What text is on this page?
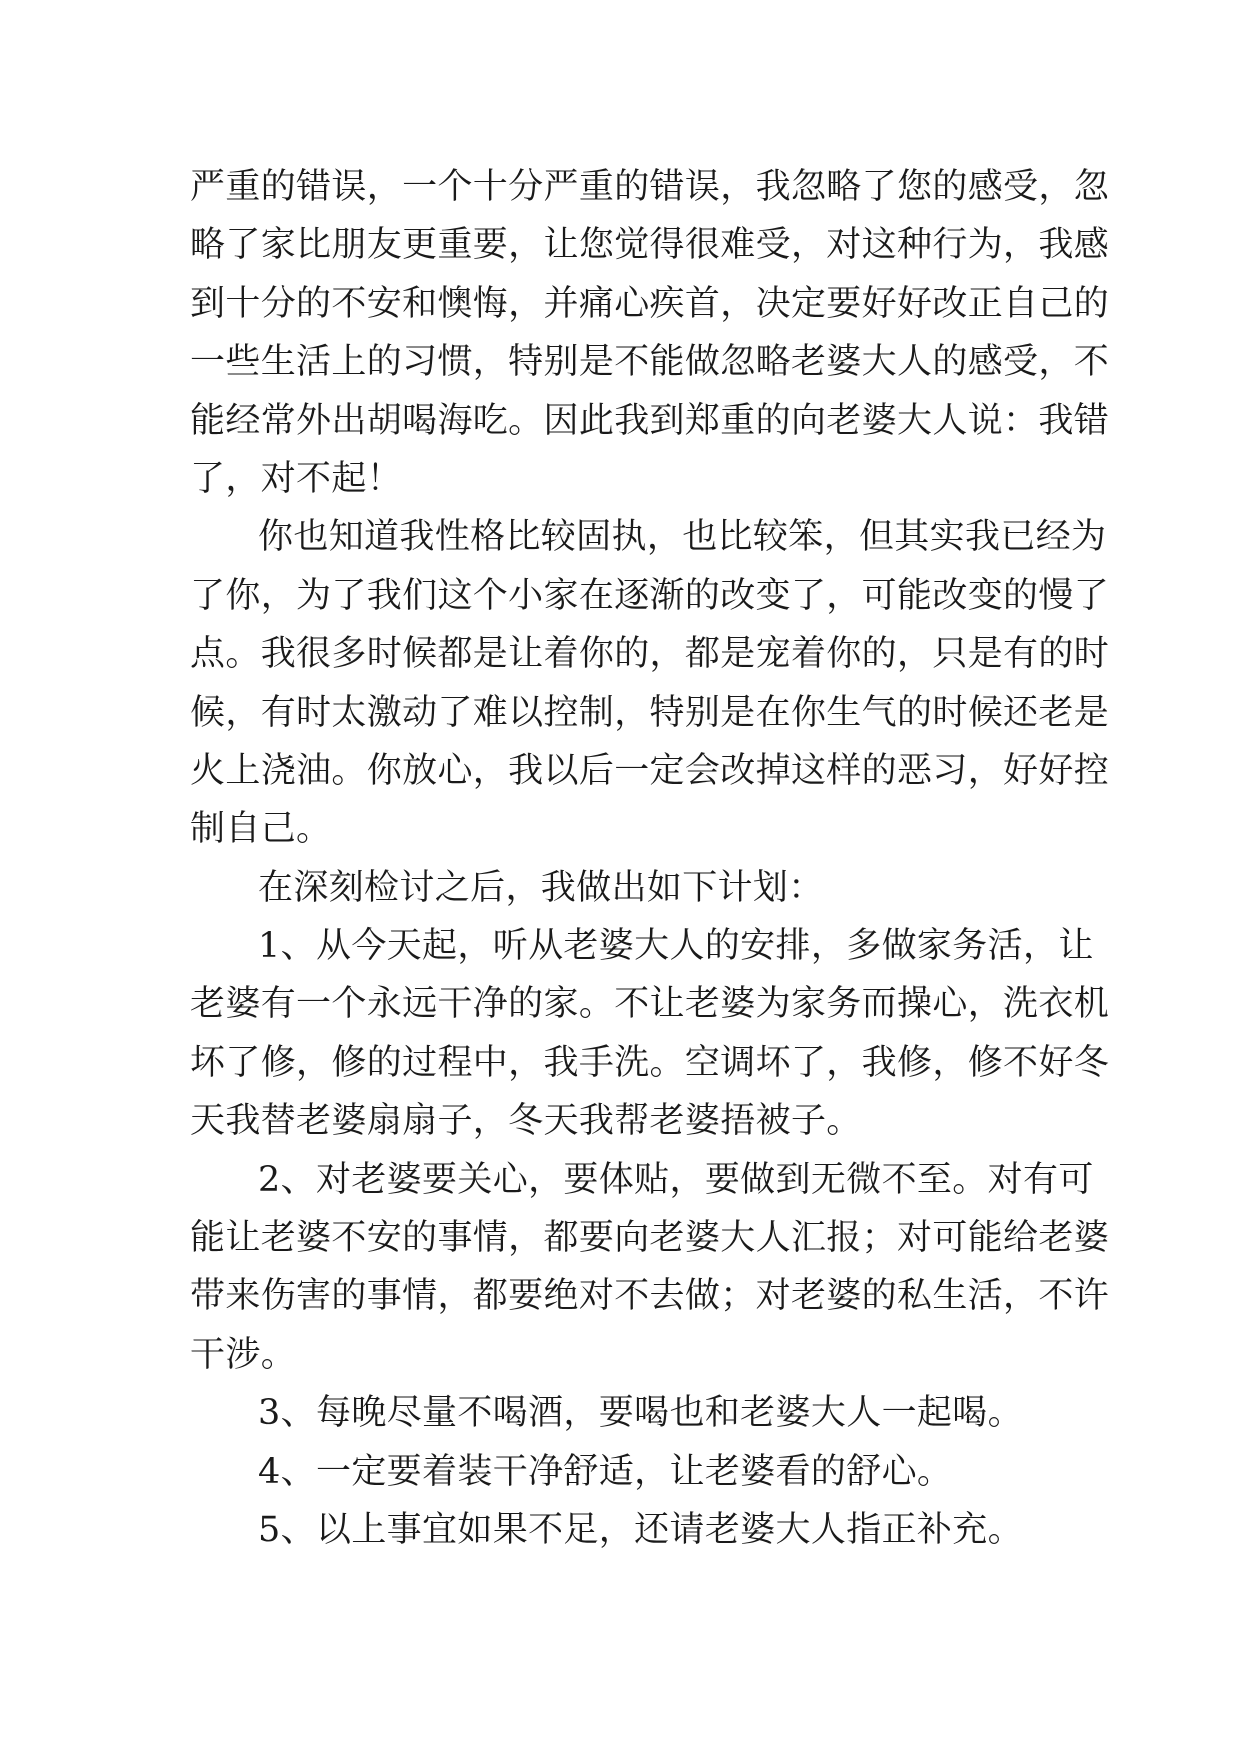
严重的错误，一个十分严重的错误，我忽略了您的感受，忽
略了家比朋友更重要，让您觉得很难受，对这种行为，我感
到十分的不安和懊悔，并痛心疾首，决定要好好改正自己的
一些生活上的习惯，特别是不能做忽略老婆大人的感受，不
能经常外出胡喝海吃。因此我到郑重的向老婆大人说：我错
了，对不起！
你也知道我性格比较固执，也比较笨，但其实我已经为
了你，为了我们这个小家在逐渐的改变了，可能改变的慢了
点。我很多时候都是让着你的，都是宠着你的，只是有的时
候，有时太激动了难以控制，特别是在你生气的时候还老是
火上浇油。你放心，我以后一定会改掉这样的恶习，好好控
制自己。
在深刻检讨之后，我做出如下计划：
1、从今天起，听从老婆大人的安排，多做家务活，让
老婆有一个永远干净的家。不让老婆为家务而操心，洗衣机
坏了修，修的过程中，我手洗。空调坏了，我修，修不好冬
天我替老婆扇扇子，冬天我帮老婆捂被子。
2、对老婆要关心，要体贴，要做到无微不至。对有可
能让老婆不安的事情，都要向老婆大人汇报；对可能给老婆
带来伤害的事情，都要绝对不去做；对老婆的私生活，不许
干涉。
3、每晚尽量不喝酒，要喝也和老婆大人一起喝。
4、一定要着装干净舒适，让老婆看的舒心。
5、以上事宜如果不足，还请老婆大人指正补充。
